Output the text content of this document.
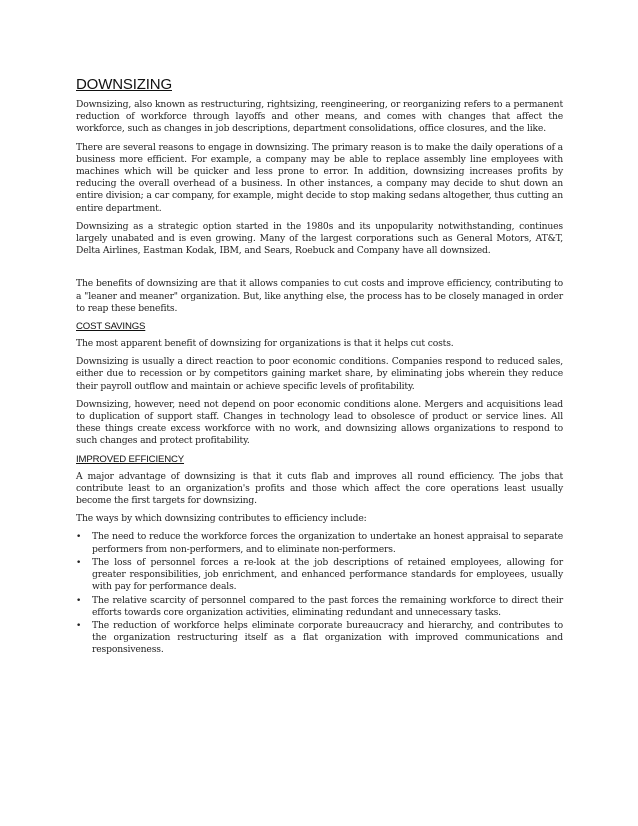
DOWNSIZING

Downsizing, also known as restructuring, rightsizing, reengineering, or reorganizing refers to a permanent reduction of workforce through layoffs and other means, and comes with changes that affect the workforce, such as changes in job descriptions, department consolidations, office closures, and the like.

There are several reasons to engage in downsizing. The primary reason is to make the daily operations of a business more efficient. For example, a company may be able to replace assembly line employees with machines which will be quicker and less prone to error. In addition, downsizing increases profits by reducing the overall overhead of a business. In other instances, a company may decide to shut down an entire division; a car company, for example, might decide to stop making sedans altogether, thus cutting an entire department.

Downsizing as a strategic option started in the 1980s and its unpopularity notwithstanding, continues largely unabated and is even growing. Many of the largest corporations such as General Motors, AT&T, Delta Airlines, Eastman Kodak, IBM, and Sears, Roebuck and Company have all downsized.

The benefits of downsizing are that it allows companies to cut costs and improve efficiency, contributing to a "leaner and meaner" organization. But, like anything else, the process has to be closely managed in order to reap these benefits.

COST SAVINGS

The most apparent benefit of downsizing for organizations is that it helps cut costs.

Downsizing is usually a direct reaction to poor economic conditions. Companies respond to reduced sales, either due to recession or by competitors gaining market share, by eliminating jobs wherein they reduce their payroll outflow and maintain or achieve specific levels of profitability.

Downsizing, however, need not depend on poor economic conditions alone. Mergers and acquisitions lead to duplication of support staff. Changes in technology lead to obsolesce of product or service lines. All these things create excess workforce with no work, and downsizing allows organizations to respond to such changes and protect profitability.

IMPROVED EFFICIENCY

A major advantage of downsizing is that it cuts flab and improves all round efficiency. The jobs that contribute least to an organization's profits and those which affect the core operations least usually become the first targets for downsizing.

The ways by which downsizing contributes to efficiency include:

• The need to reduce the workforce forces the organization to undertake an honest appraisal to separate performers from non-performers, and to eliminate non-performers.
• The loss of personnel forces a re-look at the job descriptions of retained employees, allowing for greater responsibilities, job enrichment, and enhanced performance standards for employees, usually with pay for performance deals.
• The relative scarcity of personnel compared to the past forces the remaining workforce to direct their efforts towards core organization activities, eliminating redundant and unnecessary tasks.
• The reduction of workforce helps eliminate corporate bureaucracy and hierarchy, and contributes to the organization restructuring itself as a flat organization with improved communications and responsiveness.
